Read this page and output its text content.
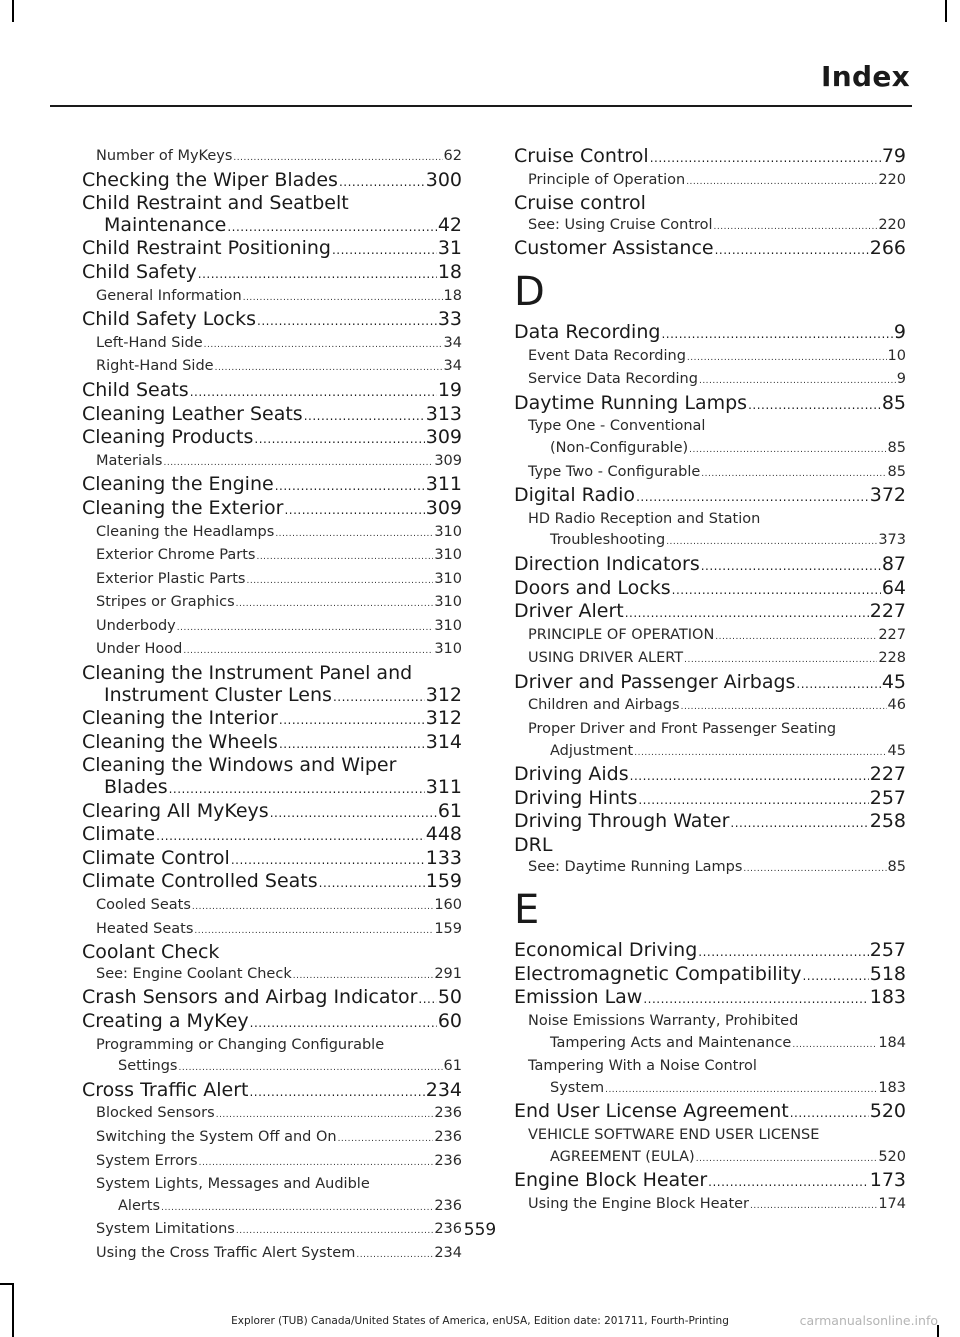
Index
Number of MyKeys .....	62
Checking the Wiper Blades .....	300
Child Restraint and Seatbelt
Maintenance .....	42
Child Restraint Positioning .....	31
Child Safety .....	18
General Information .....	18
Child Safety Locks .....	33
Left-Hand Side .....	34
Right-Hand Side .....	34
Child Seats .....	19
Cleaning Leather Seats .....	313
Cleaning Products .....	309
Materials .....	309
Cleaning the Engine .....	311
Cleaning the Exterior .....	309
Cleaning the Headlamps .....	310
Exterior Chrome Parts .....	310
Exterior Plastic Parts .....	310
Stripes or Graphics .....	310
Underbody .....	310
Under Hood .....	310
Cleaning the Instrument Panel and
Instrument Cluster Lens .....	312
Cleaning the Interior .....	312
Cleaning the Wheels .....	314
Cleaning the Windows and Wiper
Blades .....	311
Clearing All MyKeys .....	61
Climate .....	448
Climate Control .....	133
Climate Controlled Seats .....	159
Cooled Seats .....	160
Heated Seats .....	159
Coolant Check
See: Engine Coolant Check .....	291
Crash Sensors and Airbag Indicator ..... 50
Creating a MyKey .....	60
Programming or Changing Configurable
Settings .....	61
Cross Traffic Alert .....	234
Blocked Sensors .....	236
Switching the System Off and On .....	236
System Errors .....	236
System Lights, Messages and Audible
Alerts .....	236
System Limitations .....	236
Using the Cross Traffic Alert System .....	234
Cruise Control .....	79
Principle of Operation .....	220
Cruise control
See: Using Cruise Control .....	220
Customer Assistance .....	266
D
Data Recording .....	9
Event Data Recording .....	10
Service Data Recording .....	9
Daytime Running Lamps .....	85
Type One - Conventional
(Non-Configurable) .....	85
Type Two - Configurable .....	85
Digital Radio .....	372
HD Radio Reception and Station
Troubleshooting .....	373
Direction Indicators .....	87
Doors and Locks .....	64
Driver Alert .....	227
PRINCIPLE OF OPERATION .....	227
USING DRIVER ALERT .....	228
Driver and Passenger Airbags .....	45
Children and Airbags .....	46
Proper Driver and Front Passenger Seating
Adjustment .....	45
Driving Aids .....	227
Driving Hints .....	257
Driving Through Water .....	258
DRL
See: Daytime Running Lamps .....	85
E
Economical Driving .....	257
Electromagnetic Compatibility .....	518
Emission Law .....	183
Noise Emissions Warranty, Prohibited
Tampering Acts and Maintenance .....	184
Tampering With a Noise Control
System .....	183
End User License Agreement .....	520
VEHICLE SOFTWARE END USER LICENSE
AGREEMENT (EULA) .....	520
Engine Block Heater .....	173
Using the Engine Block Heater .....	174
559
Explorer (TUB) Canada/United States of America, enUSA, Edition date: 201711, Fourth-Printing	carmanualsonline.info
